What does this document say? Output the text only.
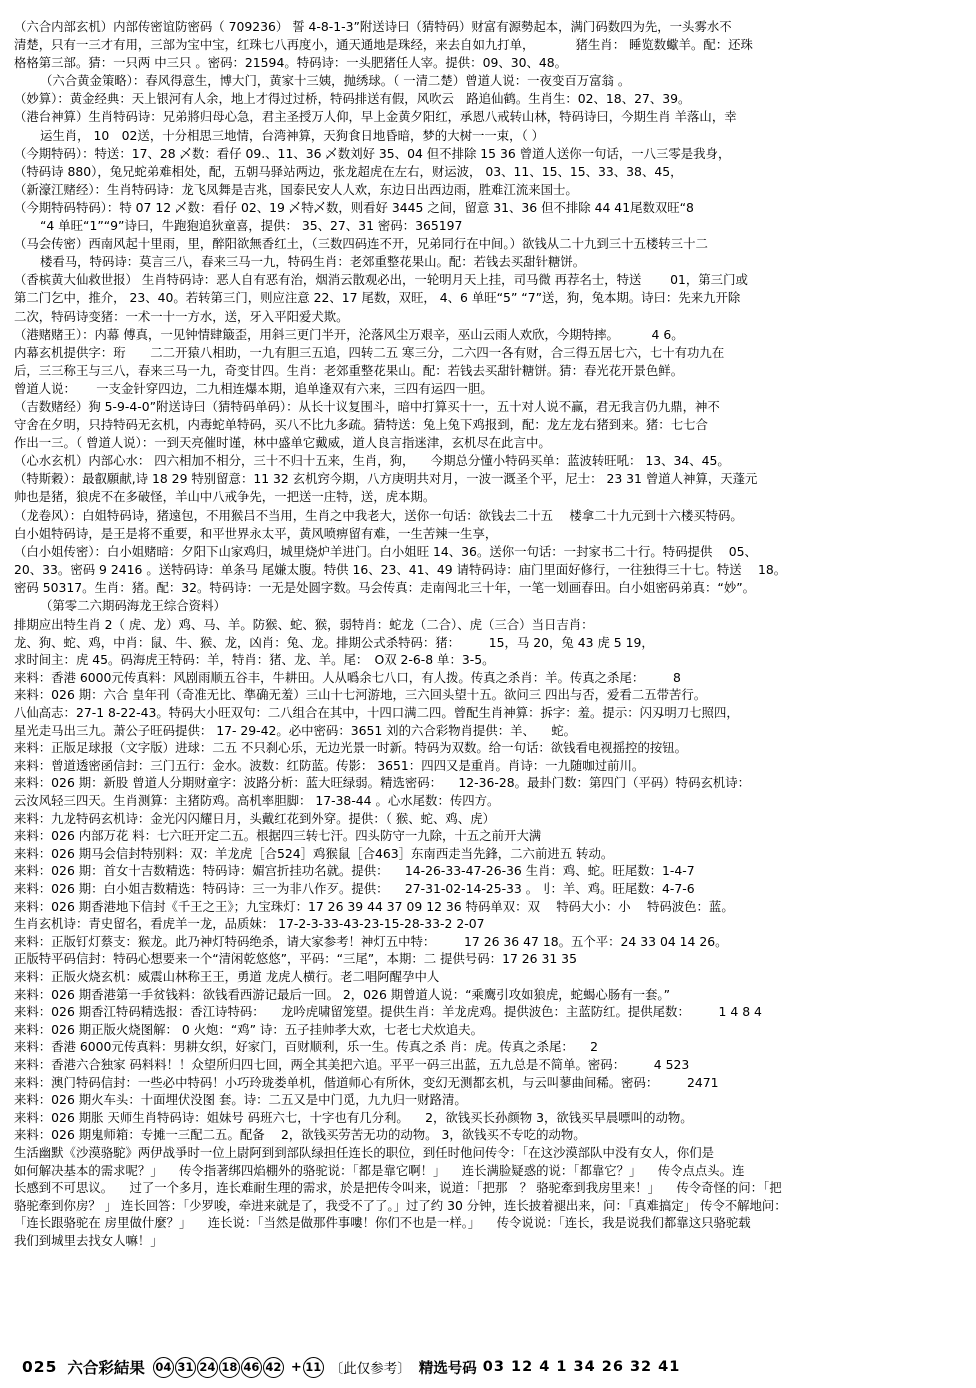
（六合内部玄机）内部传密谊防密码（ 709236） 誓 4-8-1-3”附送诗曰（猜特码）财富有源勢起本，满门码数四为先，一头雾水不

清楚，只有一三才有用，三部为宝中宝，红珠七八再度小，通天通地是珠经，来去自如九打单， 　　　猪生肖： 睡览数蠍羊。配：还珠

格格第三部。猜：一只两 中三只 。密码：21594。特码诗：一头肥猪任人宰。提供：09、30、48。

（六合黄金策略）：春风得意生，博大门，黄家十三姨，抛绣球。（ 一清二楚）曾道人说：一夜变百万富翁 。

（妙算）：黄金经典：天上银河有人余，地上才得过过桥，特码排送有假，风吹云　路追仙鹤。生肖生：02、18、27、39。

（港台神算）生肖特码诗：兄弟將归母心急，君主圣授万人仰，早上金黄夕阳红，承恩八戒转山林，特码诗曰，今期生肖 羊落山，幸

运生肖， 10　02送，十分相思三地情，台湾神算，天狗食日地昏暗，梦的大树一一束，（ ）

（今期特码）：特送：17、28 乄数：看仔 09.、11、36 乄数刘好 35、04 但不排除 15 36 曾道人送你一句话，一八三零是我身，

（特码诗 880），兔兄蛇弟难相处，配，五朝马驿站两边，张龙超虎在左右，财运波， 03、11、15、15、33、38、45，

（新濠江赌经）：生肖特码诗：龙飞凤舞是吉兆，国泰民安人人欢，东边日出西边雨，胜难江流来国士。

（今期特码特码）：特 07 12 乄数：看仔 02、19 乄特乄数，则看好 3445 之间，留意 31、36 但不排除 44 41尾数双旺“8

“4 单旺“1”“9”诗曰，牛跑狍追狄童喜，提供： 35、27、31 密码：365197

（马会传密）西南风起十里雨，里，醉阳欲無香红土，（三数四码连不开，兄弟同行在中间。）欲钱从二十九到三十五楼转三十二

楼看马，特码诗：莫言三八，春来三马一九，特码生肖：老郊重整花果山。配：若钱去买甜针糖饼。

（香槟黄大仙救世报） 生肖特码诗：恶人自有恶有治，烟消云散观必出，一轮明月天上挂，司马微 再荐名士，特送 　　01，第三门或

第二门乞中，推介， 23、40。若转第三门，则应注意 22、17 尾数，双旺， 4、6 单旺“5” “7”送，狗，兔本期。诗曰：先来九开除

二次，特码诗变猪：一术一十一方水，送，牙入平阳爱犬欺。

（港赌赌王）：内幕 傅真，一见钟情肆簸歪，用斜三更门半开，沦落风尘万艰辛，巫山云雨人欢欣，今期特摔。 　　 4 6。

内幕玄机提供字：珩　　二二开猿八相助，一九有胆三五追，四转二五 寒三分，二六四一各有财，合三得五居七六，七十有功九在

后，三三称王与三八，春来三马一九，奇变甘四。生肖：老郊重整花果山。配：若钱去买甜针糖饼。猜：春光花开景色鲜。

曾道人说： 　 一支金针穿四边，二九相连爆本期，追单逢双有六来，三四有运四一胆。

（吉数赌经）狗 5-9-4-0”附送诗曰（猜特码单码）：从长十议复围斗，暗中打算买十一，五十对人说不赢，君无我言仍九鼎，神不

守舍在夕明，只持特码无玄机，内毒蛇单特码，买八不比九多疏。猜特送：兔上兔下鸡报到，配：龙左龙右猪到来。猪：七七合

作出一三。（ 曾道人说）：一到天亮催时谨，林中盛单它戴威，道人良言指迷津，玄机尽在此言中。

（心水玄机）内部心水： 四六相加不相分，三十不归十五来，生肖，狗， 　今期总分懂小特码买单：蓝波转旺吼： 13、34、45。

（特斯穀）：最叡願献,诗 18 29 特别留意：11 32 玄机窍今期，八方庚明共对月，一波一溉圣个平，尼士： 23 31 曾道人神算，天蓬元

帅也是猪，狼虎不在多破怪，羊山中八戒争先，一把送一庄特，送，虎本期。

（龙卷风）：白姐特码诗，猪遠包，不用猴吕不当用，生肖之中我老大，送你一句话：欲钱去二十五 　楼拿二十九元到十六楼买特码。

白小姐特码诗，是王是将不重要，和平世界永太平，黄风喷痹留有难，一生苦辣一生享，

（白小姐传密）：白小姐赌暗：夕阳下山家鸡归，城里烧炉羊进门。白小姐旺 14、36。送你一句话：一封家书二十行。特码提供 　05、

20、33。密码 9 2416 。送特码诗：单条马 尾嫌太腹。特供 16、23、41、49 请特码诗：庙门里面好修行，一往独得三十七。特送 　18。

密码 50317。生肖：猪。配：32。特码诗：一无是处圆字数。马会传真：走南闯北三十年，一笔一划画春田。白小姐密码弟真：“妙”。

（第零二六期码海龙王综合资料）

排期应出特生肖 2（ 虎、龙）鸡、马、羊。防猴、蛇、猴，弱特肖：蛇龙（二合）、虎（三合）当日吉肖：

龙、狗、蛇、鸡，中肖：鼠、牛、猴、龙，凶肖：兔、龙。排期公式杀特码：猪： 　　15，马 20，兔 43 虎 5 19，

求时间主：虎 45。码海虎王特码：羊，特肖：猪、龙、羊。尾：　O双 2-6-8 单：3-5。

来料：香港 6000元传真料：风剧雨顺五谷丰，牛耕田。人从噅余七八口，有人拨。传真之杀肖：羊。传真之杀尾： 　　8

来料：026 期：六合 皇年刊（奇准无比、準确无羞）三山十七河游地，三六回头望十五。欲问三 四出与否，爱看二五带苦行。

八仙高志：27-1 8-22-43。特码大小旺双句：二八组合在其中，十四口满二四。曾配生肖神算：拆字：羞。提示：闪刄明刀七照四，

星光走马出三九。萧公子旺码提供： 17- 29-42。必中密码：3651 刘的六合彩物肖提供：羊、 　蛇。

来料：正版足球报（文字版）进球：二五 不只刹心乐，无边光景一时新。特码为双数。给一句话：欲钱看电视摇控的按钮。

来料：曾道透密函信封：三门五行：金水。波数：红防蓝。传影： 3651：四四又是重肖。肖诗：一九随咖过前川。

来料：026 期：新股 曾道人分期财童字：波路分析：蓝大旺绿弱。精选密码： 　12-36-28。最卦门数：第四门（平码）特码玄机诗：

云汝风轻三四天。生肖测算：主猪防鸡。高机率胆脚： 17-38-44 。心水尾数：传四方。

来料：九龙特码玄机诗：金光闪闪耀日月，头戴红花到外穿。提供：（ 猴、蛇、鸡、虎）

来料：026 内部万花 料：七六旺开定二五。根据四三转七汗。四头防守一九除，十五之前开大满

来料：026 期马会信封特别料：双：羊龙虎［合524］鸡猴鼠［合463］东南西走当先鋒，二六前进五 转动。

来料：026 期：首女十吉数精选：特码诗：媚宫折挂功名就。提供： 　14-26-33-47-26-36 生肖：鸡、蛇。旺尾数：1-4-7

来料：026 期：白小姐吉数精选：特码诗：三一为非八作歹。提供： 　27-31-02-14-25-33 。刂：羊、鸡。旺尾数：4-7-6

来料：026 期香港地下信封《千王之王》；九宝珠灯：17 26 39 44 37 09 12 36 特码单双：双 　特码大小：小 　特码波色：蓝。

生肖玄机诗：青史留名，看虎羊一龙，品质妹： 17-2-3-33-43-23-15-28-33-2 2-07

来料：正版钉灯蔡支：猴龙。此乃神灯特码绝杀，请大家参考！神灯五中特： 　　17 26 36 47 18。五个平：24 33 04 14 26。

正版特平码信封：特码心想要来一个“清闲乾悠悠”，平码：“三尾”，本期：二 提供号码：17 26 31 35

来料：正版火烧玄机：威震山林称王王，勇道 龙虎人横行。老二唱阿醒孕中人

来料：026 期香港第一手贫钱料：欲钱看西游记最后一回。 2，026 期曾道人说：“乘鹰引攻如狼虎，蛇蝎心肠有一套。”

来料：026 期香江特码精选报：香江诗特码： 　龙吟虎啸留笼望。提供生肖：羊龙虎鸡。提供波色：主蓝防红。提供尾数： 　　1 4 8 4

来料：026 期正版火烧图解： 0 火炮：“鸡” 诗：五子挂帅孝大欢，七老七犬炊追夫。

来料：香港 6000元传真料：男耕女织，好家门，百财顺利，乐一生。传真之杀 肖：虎。传真之杀尾： 　2

来料：香港六合独家 码料料！！众望所归四七回，两全其美把六追。平平一码三出蓝，五九总是不简单。密码： 　　4 523

来料：澳门特码信封：一些必中特码！小巧玲珑娄单机，偕道师心有所休，变幻无测都玄机，与云叫蓼曲间稀。密码： 　　2471

来料：026 期火车头：十面埋伏没图 套。诗：二五又是中门觅，九九归一财路清。

来料：026 期胀 天师生肖特码诗：姐妹号 码班六七，十字也有几分利。 　2，欲钱买长孙颜物 3，欲钱买早晨嘌叫的动物。

来料：026 期鬼师箱：专摊一三配二五。配备 　2，欲钱买劳苦无功的动物。 3，欲钱买不专吃的动物。

生活幽默《沙漠骆駝》两伊战爭时一位上尉阿到到部队绿担任连长的职位，到任时他问传令：「在这沙漠部队中没有女人，你们是

如何解决基本的需求呢？」 　传令指著绑四焰棚外的骆驼说：「都是靠它啊！」 　连长满脸疑惑的说：「都靠它？」 　传令点点头。连

长感到不可思议。 　过了一个多月，连长难耐生理的需求，於是把传令叫来，说道：「把那　？ 骆驼牽到我房里来！」 　传令奇怪的问：「把

骆驼牽到你房？ 」 连长回答：「少罗唆，牵进来就是了，我受不了了。」过了约 30 分钟，连长披着褪出来，问：「真难搞定」 传令不解地问：

「连长跟骆驼在 房里做什麼？」 　连长说：「当然是做那件事嘍！你们不也是一样。」 　传令说说：「连长，我是说我们都靠这只骆驼载

我们到城里去找女人嘛！」

025 六合彩結果 04 31 24 18 46 42 + 11 〔此仅参考〕 精选号码 03 12 4 1 34 26 32 41
